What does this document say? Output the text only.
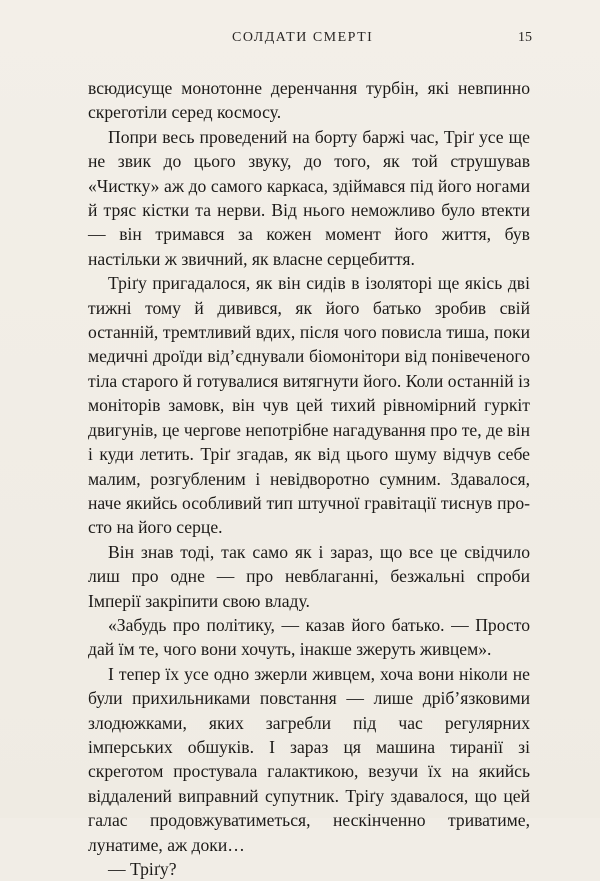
СОЛДАТИ СМЕРТІ	15

всюдисуще монотонне деренчання турбін, які невпинно скреготіли серед космосу.

Попри весь проведений на борту баржі час, Тріґ усе ще не звик до цього звуку, до того, як той струшував «Чистку» аж до самого каркаса, здіймався під його ногами й тряс кістки та нерви. Від нього неможливо було втекти — він тримався за кожен момент його життя, був настільки ж звичний, як власне серцебиття.

Тріґу пригадалося, як він сидів в ізоляторі ще якісь дві тижні тому й дивився, як його батько зробив свій останній, тремтливий вдих, після чого повисла тиша, поки медичні дроїди від’єднували біомонітори від понівеченого тіла старого й готувалися витягнути його. Коли останній із моніторів замовк, він чув цей тихий рівномірний гуркіт двигунів, це чергове непотрібне нагадування про те, де він і куди летить. Тріґ згадав, як від цього шуму відчув себе малим, розгубленим і невідворотно сумним. Здавалося, наче якийсь особливий тип штучної гравітації тиснув просто на його серце.

Він знав тоді, так само як і зараз, що все це свідчило лиш про одне — про невблаганні, безжальні спроби Імперії закріпити свою владу.

«Забудь про політику, — казав його батько. — Просто дай їм те, чого вони хочуть, інакше зжеруть живцем».

І тепер їх усе одно зжерли живцем, хоча вони ніколи не були прихильниками повстання — лише дріб’язковими злодюжками, яких загребли під час регулярних імперських обшуків. І зараз ця машина тиранії зі скреготом простувала галактикою, везучи їх на якийсь віддалений виправний супутник. Тріґу здавалося, що цей галас продовжуватиметься, нескінченно триватиме, лунатиме, аж доки…

— Тріґу?
